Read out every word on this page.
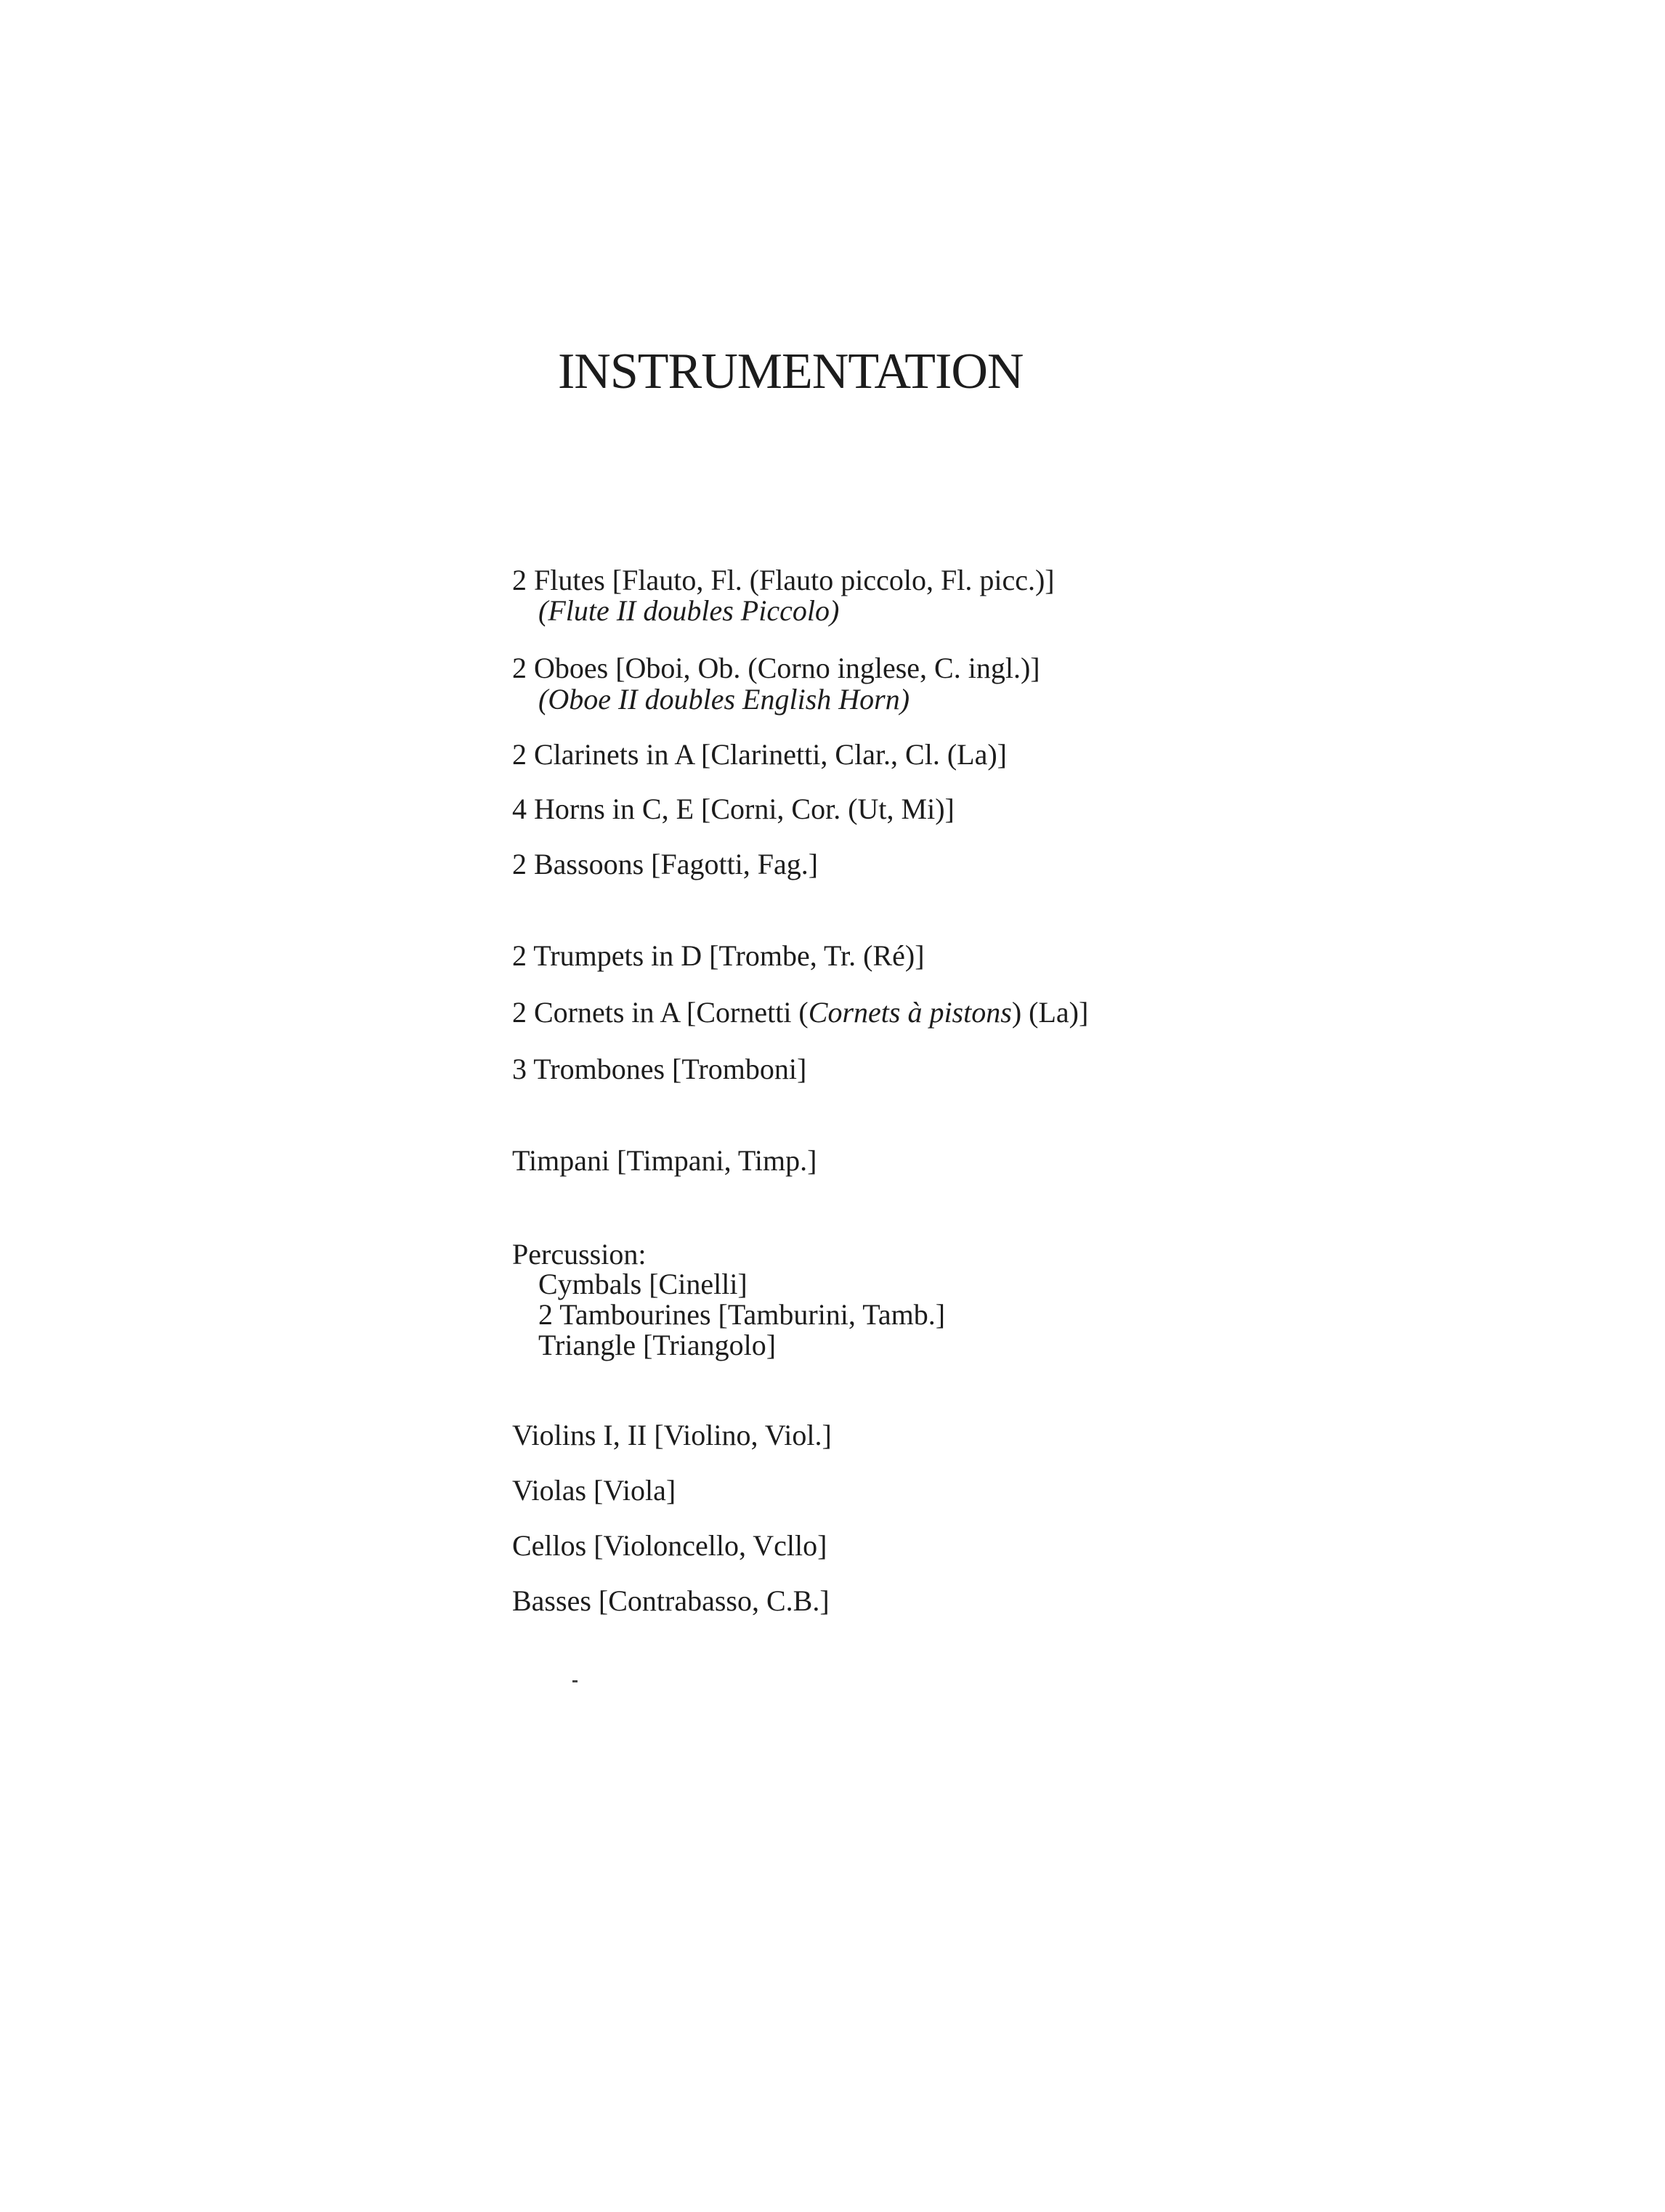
INSTRUMENTATION
2 Flutes [Flauto, Fl. (Flauto piccolo, Fl. picc.)]
(Flute II doubles Piccolo)
2 Oboes [Oboi, Ob. (Corno inglese, C. ingl.)]
(Oboe II doubles English Horn)
2 Clarinets in A [Clarinetti, Clar., Cl. (La)]
4 Horns in C, E [Corni, Cor. (Ut, Mi)]
2 Bassoons [Fagotti, Fag.]
2 Trumpets in D [Trombe, Tr. (Ré)]
2 Cornets in A [Cornetti (Cornets à pistons) (La)]
3 Trombones [Tromboni]
Timpani [Timpani, Timp.]
Percussion:
Cymbals [Cinelli]
2 Tambourines [Tamburini, Tamb.]
Triangle [Triangolo]
Violins I, II [Violino, Viol.]
Violas [Viola]
Cellos [Violoncello, Vcllo]
Basses [Contrabasso, C.B.]
